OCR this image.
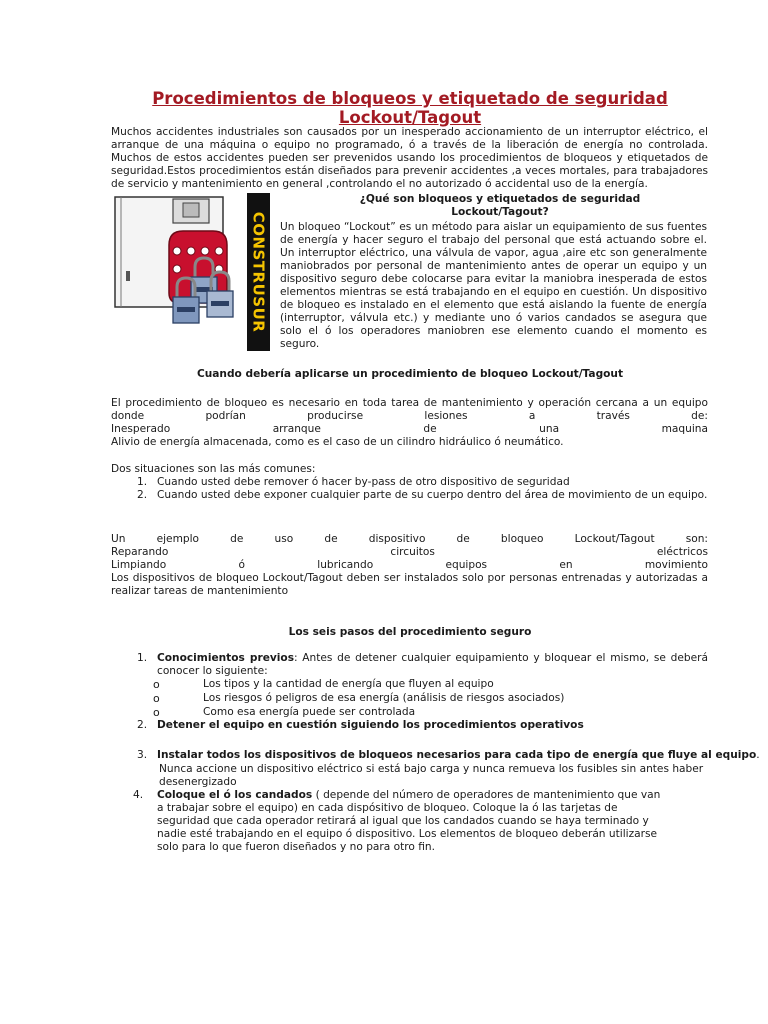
Procedimientos de bloqueos y etiquetado de seguridad
Lockout/Tagout
Muchos accidentes industriales son causados por un inesperado accionamiento de un interruptor eléctrico, el arranque de una máquina o equipo no programado, ó a través de la liberación de energía no controlada. Muchos de estos accidentes pueden ser prevenidos usando los procedimientos de bloqueos y etiquetados de seguridad.Estos procedimientos están diseñados para prevenir accidentes ,a veces mortales, para trabajadores de servicio y mantenimiento en general ,controlando el no autorizado ó accidental uso de la energía.
¿Qué son bloqueos y etiquetados de seguridad Lockout/Tagout?
CONSTRUSUR Un bloqueo “Lockout” es un método para aislar un equipamiento de sus fuentes de energía y hacer seguro el trabajo del personal que está actuando sobre el. Un interruptor eléctrico, una válvula de vapor, agua ,aire etc son generalmente maniobrados por personal de mantenimiento antes de operar un equipo y un dispositivo seguro debe colocarse para evitar la maniobra inesperada de estos elementos mientras se está trabajando en el equipo en cuestión. Un dispositivo de bloqueo es instalado en el elemento que está aislando la fuente de energía (interruptor, válvula etc.) y mediante uno ó varios candados se asegura que solo el ó los operadores maniobren ese elemento cuando el momento es seguro.
Cuando debería aplicarse un procedimiento de bloqueo Lockout/Tagout
El procedimiento de bloqueo es necesario en toda tarea de mantenimiento y operación cercana a un equipo
donde podrían producirse lesiones a través de:
Inesperado arranque de una maquina
Alivio de energía almacenada, como es el caso de un cilindro hidráulico ó neumático.
Dos situaciones son las más comunes:
1. Cuando usted debe remover ó hacer by-pass de otro dispositivo de seguridad
2. Cuando usted debe exponer cualquier parte de su cuerpo dentro del área de movimiento de un equipo.
Un ejemplo de uso de dispositivo de bloqueo Lockout/Tagout son:
Reparando circuitos eléctricos
Limpiando ó lubricando equipos en movimiento
Los dispositivos de bloqueo Lockout/Tagout deben ser instalados solo por personas entrenadas y autorizadas a realizar tareas de mantenimiento
Los seis pasos del procedimiento seguro
1. Conocimientos previos: Antes de detener cualquier equipamiento y bloquear el mismo, se deberá conocer lo siguiente:
o	Los tipos y la cantidad de energía que fluyen al equipo
o	Los riesgos ó peligros de esa energía (análisis de riesgos asociados)
o	Como esa energía puede ser controlada
2. Detener el equipo en cuestión siguiendo los procedimientos operativos
3. Instalar todos los dispositivos de bloqueos necesarios para cada tipo de energía que fluye al equipo.
Nunca accione un dispositivo eléctrico si está bajo carga y nunca remueva los fusibles sin antes haber desenergizado
4. Coloque el ó los candados ( depende del número de operadores de mantenimiento que van a trabajar sobre el equipo) en cada dispósitivo de bloqueo. Coloque la ó las tarjetas de seguridad que cada operador retirará al igual que los candados cuando se haya terminado y nadie esté trabajando en el equipo ó dispositivo. Los elementos de bloqueo deberán utilizarse solo para lo que fueron diseñados y no para otro fin.
